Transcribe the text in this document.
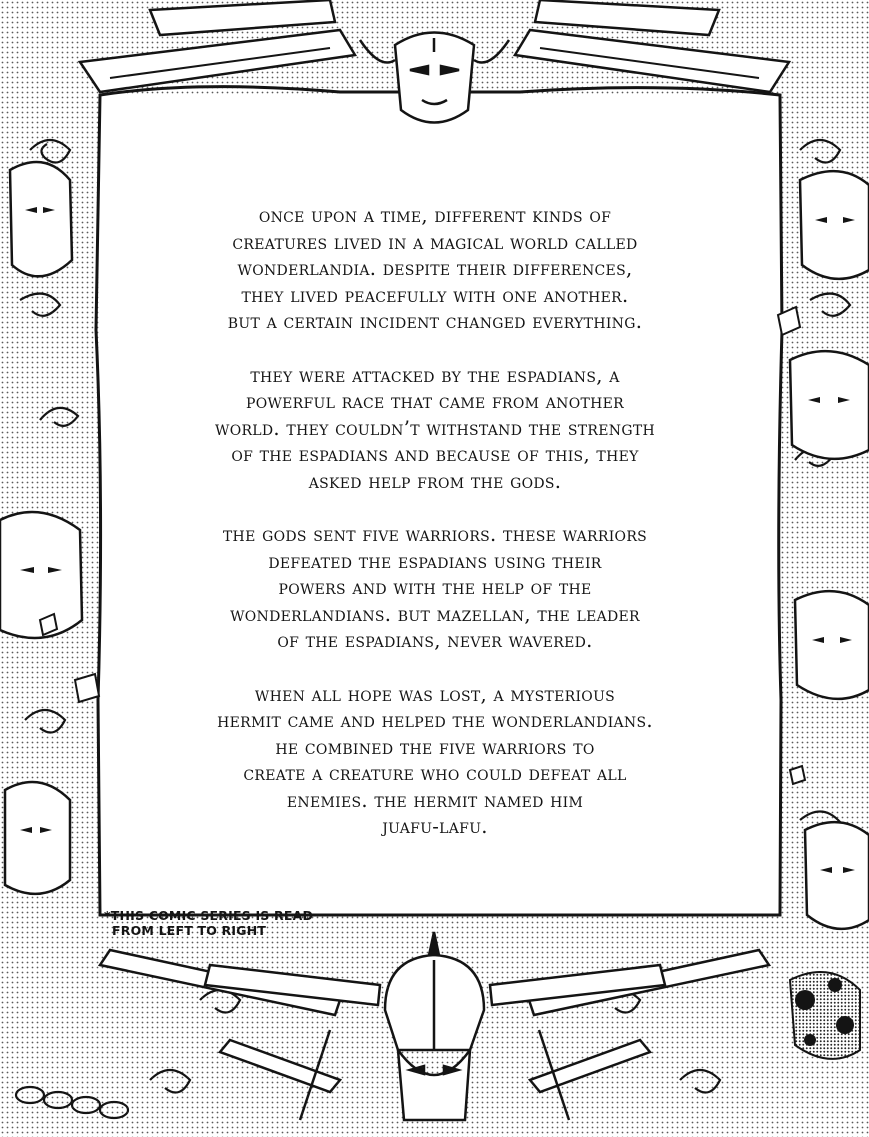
once upon a time, different kinds of
creatures lived in a magical world called
wonderlandia. despite their differences,
they lived peacefully with one another.
but a certain incident changed everything.
they were attacked by the espadians, a
powerful race that came from another
world. they couldn’t withstand the strength
of the espadians and because of this, they
asked help from the gods.
the gods sent five warriors. these warriors
defeated the espadians using their
powers and with the help of the
wonderlandians. but mazellan, the leader
of the espadians, never wavered.
when all hope was lost, a mysterious
hermit came and helped the wonderlandians.
he combined the five warriors to
create a creature who could defeat all
enemies. the hermit named him
juafu-lafu.
*THIS COMIC SERIES IS READ
FROM LEFT TO RIGHT
